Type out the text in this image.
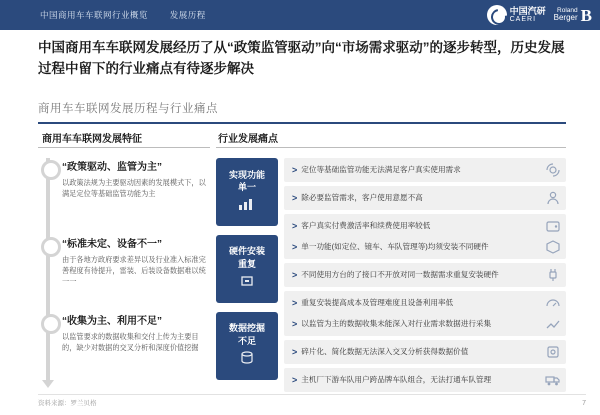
中国商用车车联网行业概览	发展历程	中国汽研
CAERI
Roland
Berger B
中国商用车车联网发展经历了从“政策监管驱动”向“市场需求驱动”的逐步转型，历史发展过程中留下的行业痛点有待逐步解决
商用车车联网发展历程与行业痛点
商用车车联网发展特征	行业发展痛点
“政策驱动、监管为主”
以政策法规为主要驱动因素的发展模式下，以满足定位等基础监管功能为主
“标准未定、设备不一”
由于各地方政府要求差异以及行业准入标准完善程度有待提升，雷装、后装设备数据难以统一一
“收集为主、利用不足”
以监管要求的数据收集和交付上传为主要目的，缺少对数据的交叉分析和深度价值挖掘
实现功能
单一
硬件安装
重复
数据挖掘
不足
> 定位等基础监管功能无法满足客户真实使用需求
> 除必要监管需求，客户使用意愿不高
> 客户真实付费激活率和续费使用率较低
> 单一功能(如定位、镜车、车队管理等)均须安装不同硬件
> 不同使用方台的了接口不开放对同一数据需求重复安装硬件
> 重复安装提高成本及管理难度且设备利用率低
> 以监管为主的数据收集未能深入对行业需求数据进行采集
> 碎片化、简化数据无法深入交叉分析获得数据价值
> 主机厂下游车队用户跨品牌车队组合，无法打通车队管理
资料来源：罗兰贝格	7
